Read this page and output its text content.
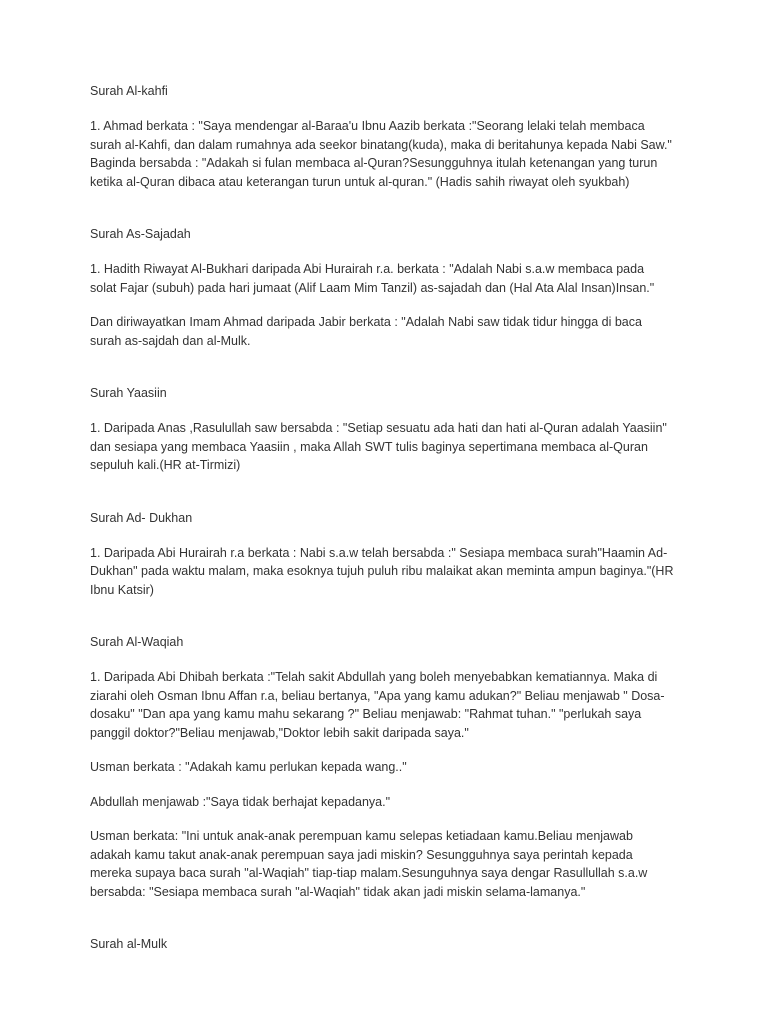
Surah Al-kahfi

1. Ahmad berkata : "Saya mendengar al-Baraa'u Ibnu Aazib berkata :"Seorang lelaki telah membaca
surah al-Kahfi, dan dalam rumahnya ada seekor binatang(kuda), maka di beritahunya kepada Nabi Saw."
Baginda bersabda : "Adakah si fulan membaca al-Quran?Sesungguhnya itulah ketenangan yang turun
ketika al-Quran dibaca atau keterangan turun untuk al-quran." (Hadis sahih riwayat oleh syukbah)

Surah As-Sajadah

1. Hadith Riwayat Al-Bukhari daripada Abi Hurairah r.a. berkata : "Adalah Nabi s.a.w membaca pada
solat Fajar (subuh) pada hari jumaat (Alif Laam Mim Tanzil) as-sajadah dan (Hal Ata Alal Insan)Insan."

Dan diriwayatkan Imam Ahmad daripada Jabir berkata : "Adalah Nabi saw tidak tidur hingga di baca
surah as-sajdah dan al-Mulk.

Surah Yaasiin

1. Daripada Anas ,Rasulullah saw bersabda : "Setiap sesuatu ada hati dan hati al-Quran adalah Yaasiin"
dan sesiapa yang membaca Yaasiin , maka Allah SWT tulis baginya sepertimana membaca al-Quran
sepuluh kali.(HR at-Tirmizi)

Surah Ad- Dukhan

1. Daripada Abi Hurairah r.a berkata : Nabi s.a.w telah bersabda :" Sesiapa membaca surah"Haamin Ad-
Dukhan" pada waktu malam, maka esoknya tujuh puluh ribu malaikat akan meminta ampun baginya."(HR
Ibnu Katsir)

Surah Al-Waqiah

1. Daripada Abi Dhibah berkata :"Telah sakit Abdullah yang boleh menyebabkan kematiannya. Maka di
ziarahi oleh Osman Ibnu Affan r.a, beliau bertanya, "Apa yang kamu adukan?" Beliau menjawab " Dosa-
dosaku" "Dan apa yang kamu mahu sekarang ?" Beliau menjawab: "Rahmat tuhan." "perlukah saya
panggil doktor?"Beliau menjawab,"Doktor lebih sakit daripada saya."

Usman berkata : "Adakah kamu perlukan kepada wang.."

Abdullah menjawab :"Saya tidak berhajat kepadanya."

Usman berkata: "Ini untuk anak-anak perempuan kamu selepas ketiadaan kamu.Beliau menjawab
adakah kamu takut anak-anak perempuan saya jadi miskin? Sesungguhnya saya perintah kepada
mereka supaya baca surah "al-Waqiah" tiap-tiap malam.Sesunguhnya saya dengar Rasullullah s.a.w
bersabda: "Sesiapa membaca surah "al-Waqiah" tidak akan jadi miskin selama-lamanya."

Surah al-Mulk
